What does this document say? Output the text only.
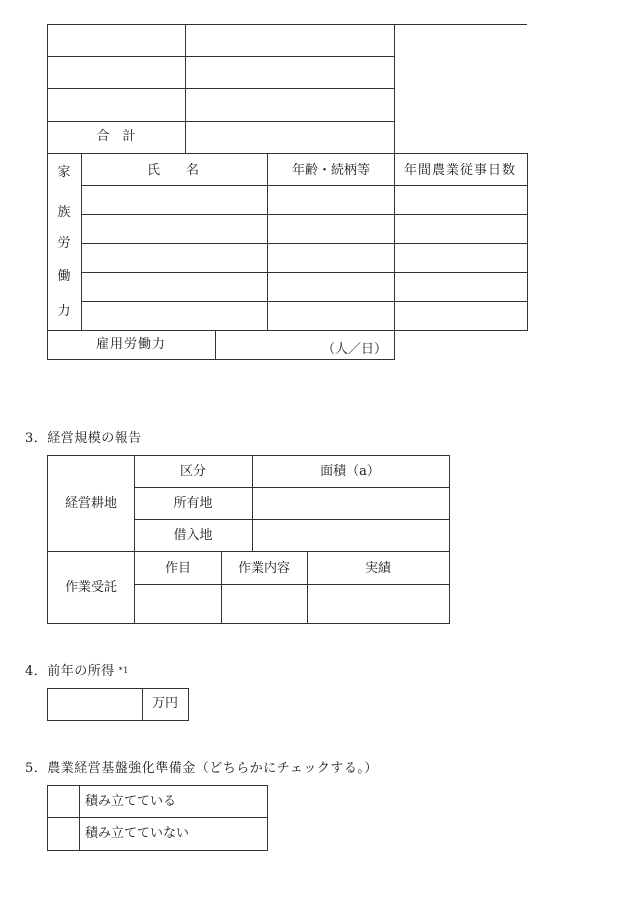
合　計
家
族
労
働
力
氏　　名	年齢・続柄等	年間農業従事日数
雇用労働力	（人／日）
3．経営規模の報告
経営耕地
区分	面積（a）
所有地
借入地
作業受託
作目	作業内容	実績
4．前年の所得 $^{*1}$
万円
5．農業経営基盤強化準備金（どちらかにチェックする。）
積み立てている
積み立てていない
